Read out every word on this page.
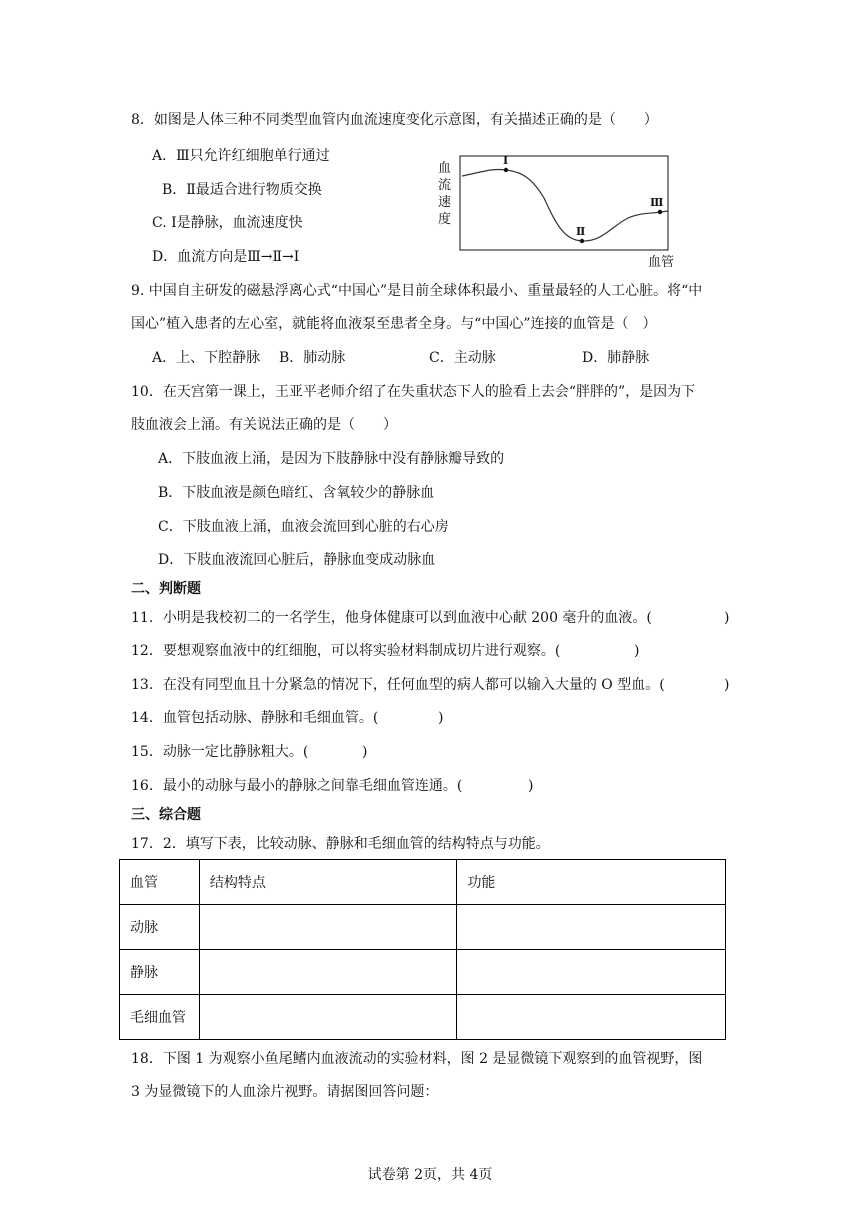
8．如图是人体三种不同类型血管内血流速度变化示意图，有关描述正确的是（　　）
A．Ⅲ只允许红细胞单行通过
B．Ⅱ最适合进行物质交换
C. Ⅰ是静脉，血流速度快
D．血流方向是Ⅲ→Ⅱ→Ⅰ
血
流
速
度
血管
Ⅰ
Ⅱ
Ⅲ
9. 中国自主研发的磁悬浮离心式“中国心”是目前全球体积最小、重量最轻的人工心脏。将“中
国心”植入患者的左心室，就能将血液泵至患者全身。与“中国心”连接的血管是（　）
A．上、下腔静脉 B．肺动脉	C．主动脉	D．肺静脉
10．在天宫第一课上，王亚平老师介绍了在失重状态下人的脸看上去会“胖胖的”，是因为下
肢血液会上涌。有关说法正确的是（　　）
A．下肢血液上涌，是因为下肢静脉中没有静脉瓣导致的
B．下肢血液是颜色暗红、含氧较少的静脉血
C．下肢血液上涌，血液会流回到心脏的右心房
D．下肢血液流回心脏后，静脉血变成动脉血
二、判断题
11．小明是我校初二的一名学生，他身体健康可以到血液中心献 200 毫升的血液。(	)
12．要想观察血液中的红细胞，可以将实验材料制成切片进行观察。(	)
13．在没有同型血且十分紧急的情况下，任何血型的病人都可以输入大量的 O 型血。(	)
14．血管包括动脉、静脉和毛细血管。(	)
15．动脉一定比静脉粗大。(	)
16．最小的动脉与最小的静脉之间靠毛细血管连通。(	)
三、综合题
17．2．填写下表，比较动脉、静脉和毛细血管的结构特点与功能。
血管	结构特点	功能
动脉		
静脉		
毛细血管		
18．下图 1 为观察小鱼尾鳍内血液流动的实验材料，图 2 是显微镜下观察到的血管视野，图
3 为显微镜下的人血涂片视野。请据图回答问题：
试卷第 2页，共 4页
